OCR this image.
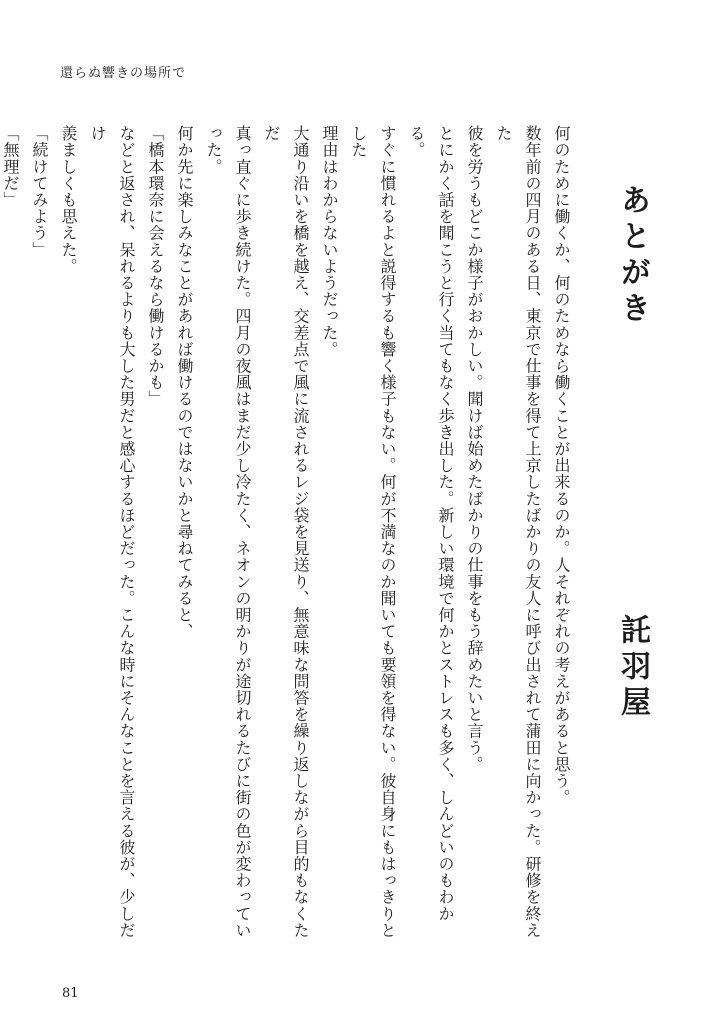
還らぬ響きの場所で
あとがき
託羽屋

何のために働くか、何のためなら働くことが出来るのか。人それぞれの考えがあると思う。

数年前の四月のある日、東京で仕事を得て上京したばかりの友人に呼び出されて蒲田に向かった。研修を終えた
彼を労うもどこか様子がおかしい。聞けば始めたばかりの仕事をもう辞めたいと言う。

とにかく話を聞こうと行く当てもなく歩き出した。新しい環境で何かとストレスも多く、しんどいのもわかる。
すぐに慣れるよと説得するも響く様子もない。何が不満なのか聞いても要領を得ない。彼自身にもはっきりとした
理由はわからないようだった。

大通り沿いを橋を越え、交差点で風に流されるレジ袋を見送り、無意味な問答を繰り返しながら目的もなくただ
真っ直ぐに歩き続けた。四月の夜風はまだ少し冷たく、ネオンの明かりが途切れるたびに街の色が変わっていった。

何か先に楽しみなことがあれば働けるのではないかと尋ねてみると、

「橋本環奈に会えるなら働けるかも」

などと返され、呆れるよりも大した男だと感心するほどだった。こんな時にそんなことを言える彼が、少しだけ
羨ましくも思えた。

「続けてみよう」

「無理だ」

81
